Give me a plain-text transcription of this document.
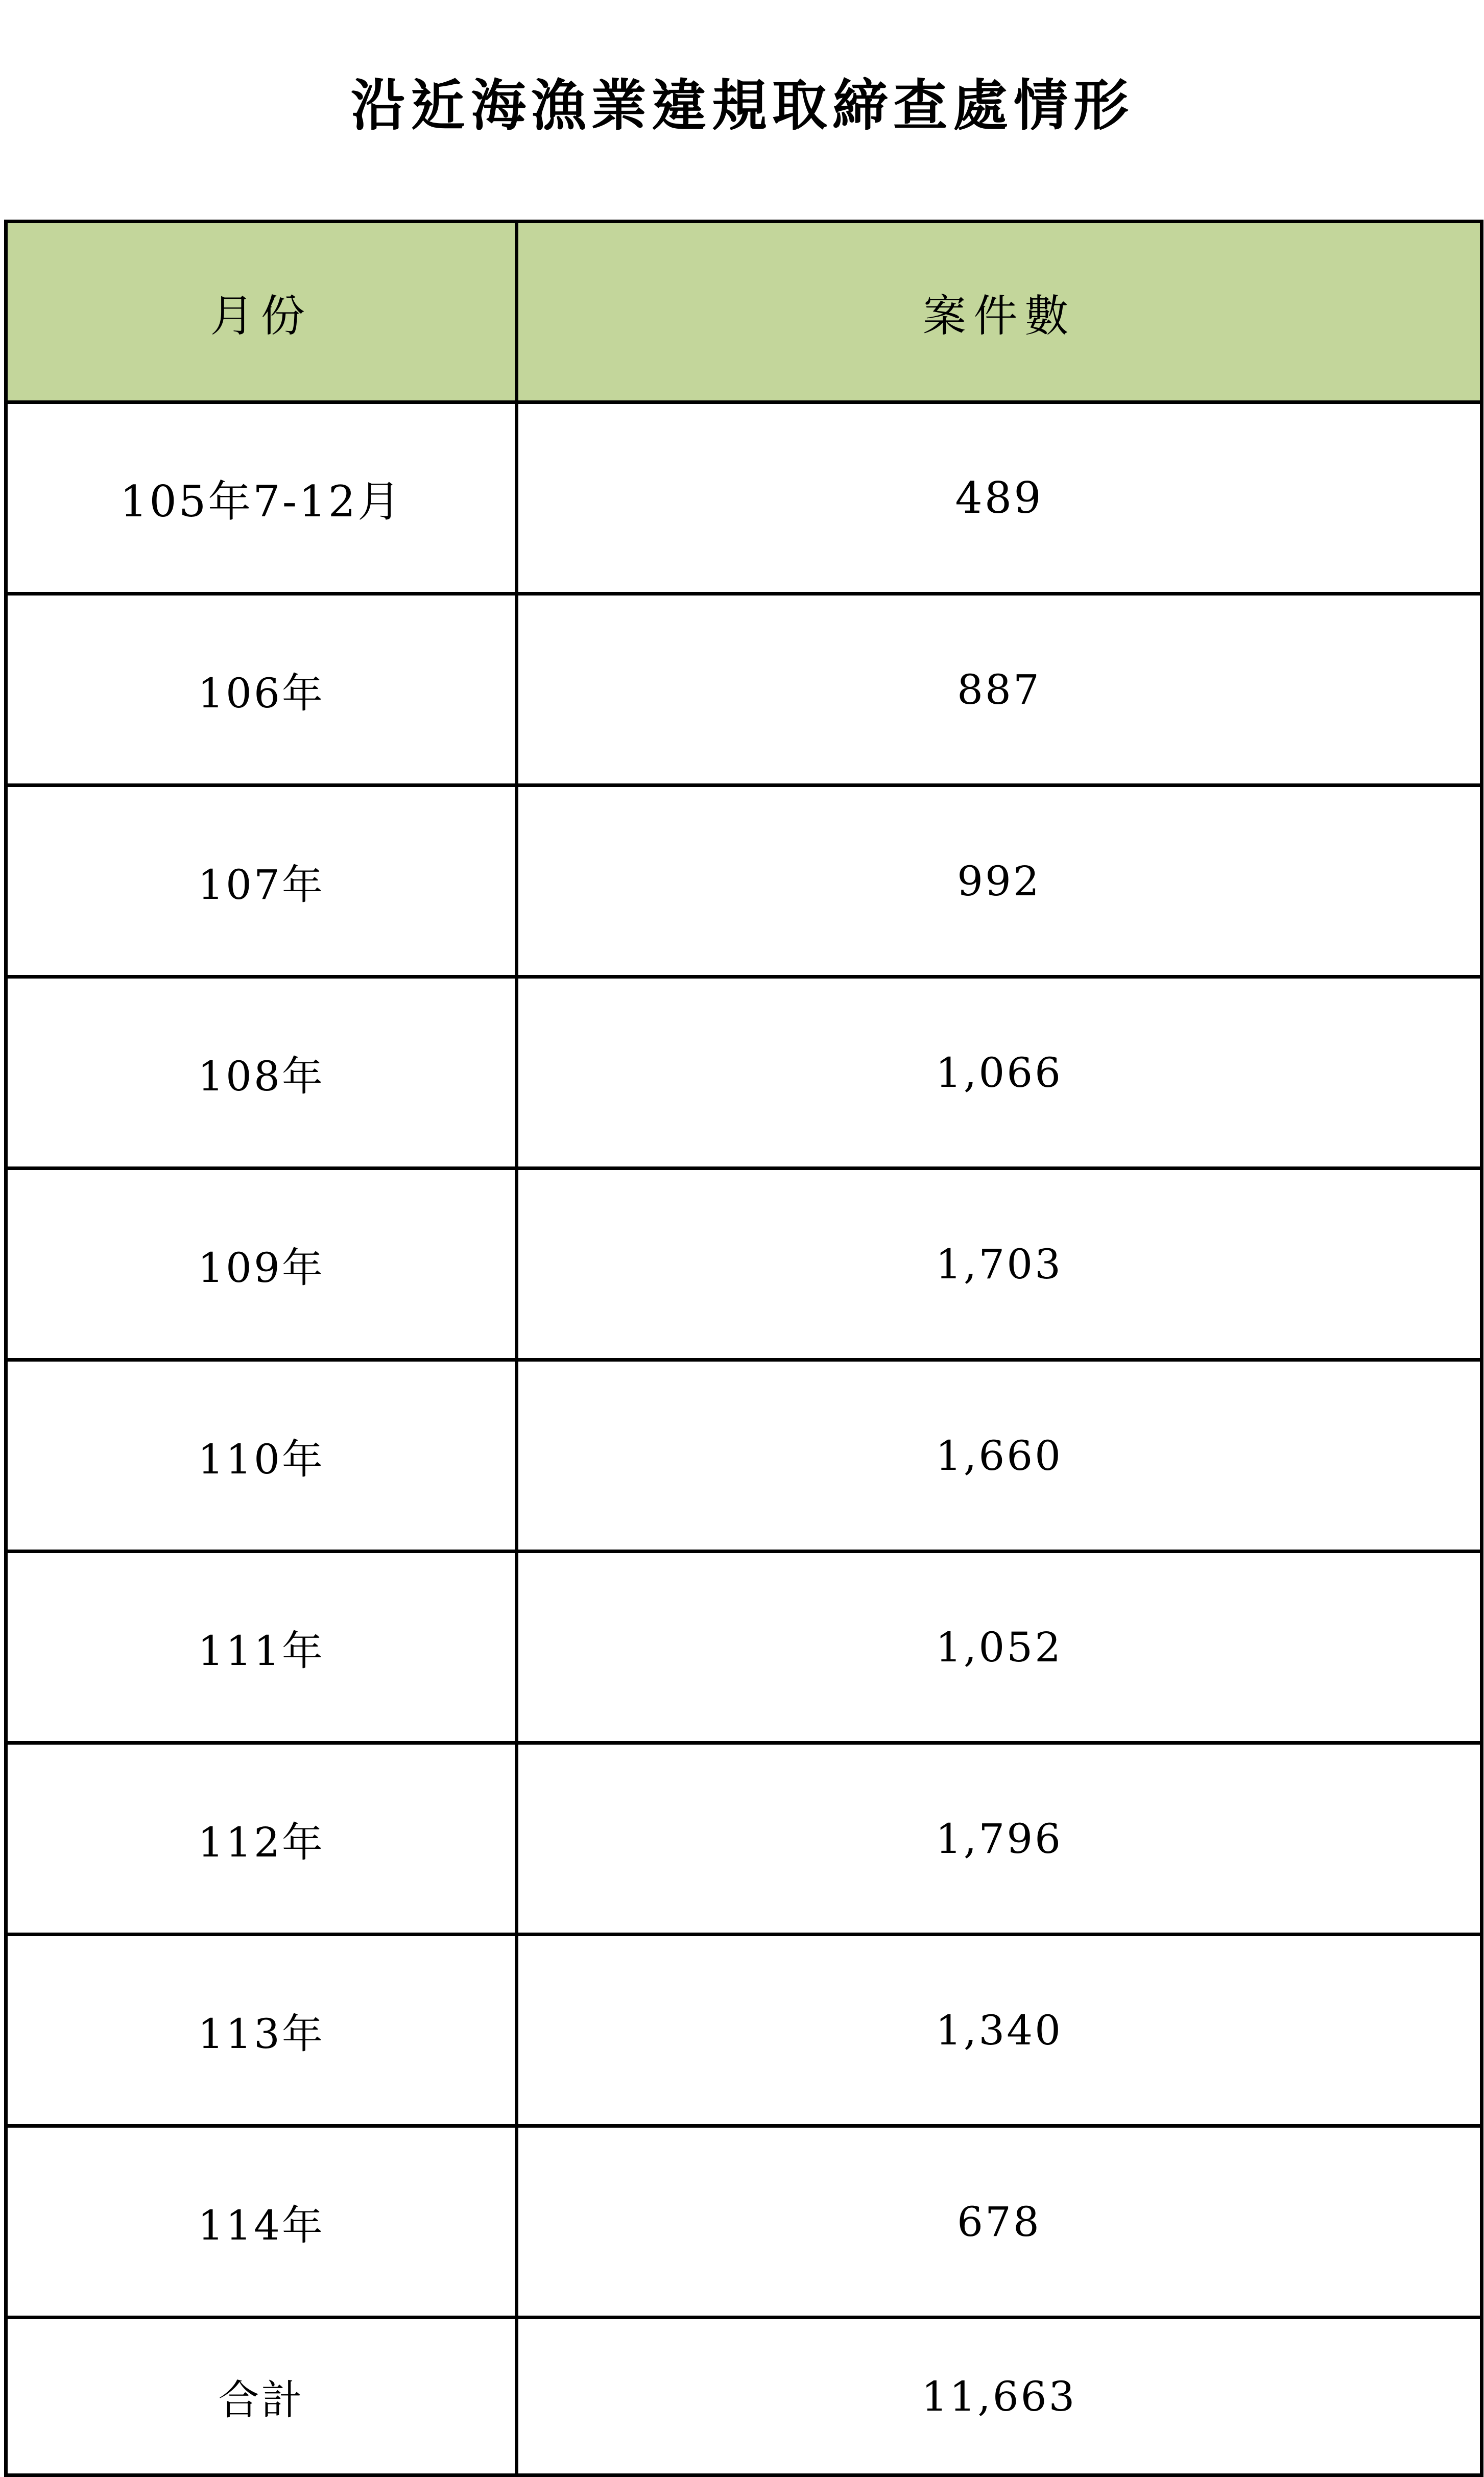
沿近海漁業違規取締查處情形
月份	案件數
105年7-12月	489
106年	887
107年	992
108年	1,066
109年	1,703
110年	1,660
111年	1,052
112年	1,796
113年	1,340
114年	678
合計	11,663
